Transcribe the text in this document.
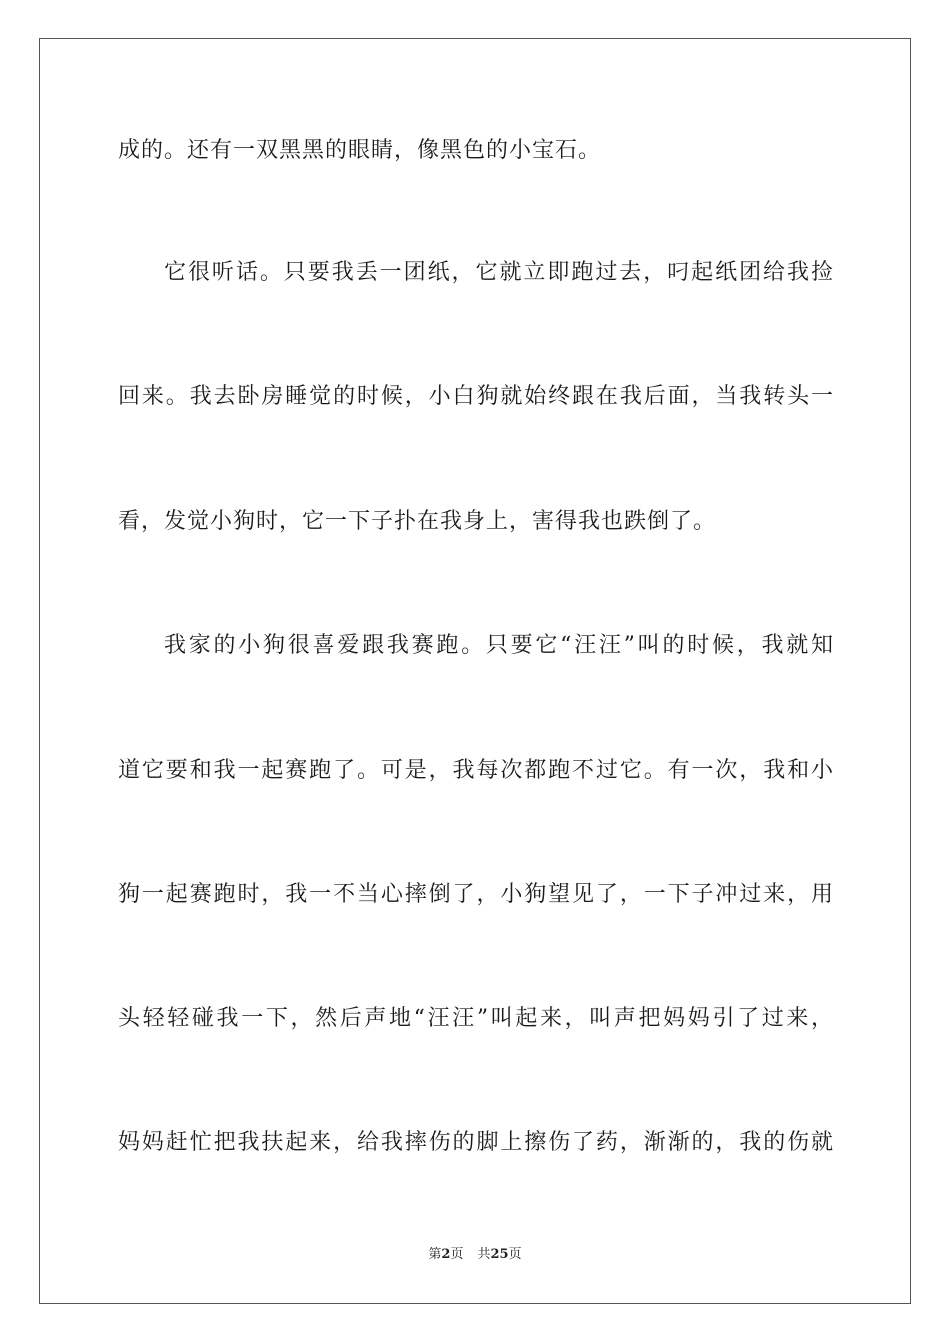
成的。还有一双黑黑的眼睛，像黑色的小宝石。
它很听话。只要我丢一团纸，它就立即跑过去，叼起纸团给我捡
回来。我去卧房睡觉的时候，小白狗就始终跟在我后面，当我转头一
看，发觉小狗时，它一下子扑在我身上，害得我也跌倒了。
我家的小狗很喜爱跟我赛跑。只要它“汪汪”叫的时候，我就知
道它要和我一起赛跑了。可是，我每次都跑不过它。有一次，我和小
狗一起赛跑时，我一不当心摔倒了，小狗望见了，一下子冲过来，用
头轻轻碰我一下，然后声地“汪汪”叫起来，叫声把妈妈引了过来，
妈妈赶忙把我扶起来，给我摔伤的脚上擦伤了药，渐渐的，我的伤就
第2页 共25页
